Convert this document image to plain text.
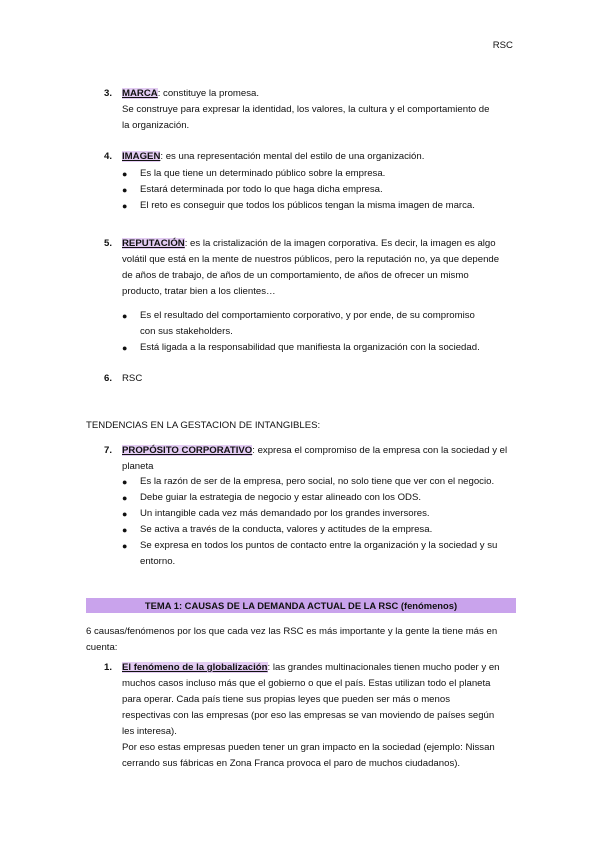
RSC
3. MARCA: constituye la promesa.
Se construye para expresar la identidad, los valores, la cultura y el comportamiento de
la organización.
4. IMAGEN: es una representación mental del estilo de una organización.
● Es la que tiene un determinado público sobre la empresa.
● Estará determinada por todo lo que haga dicha empresa.
● El reto es conseguir que todos los públicos tengan la misma imagen de marca.
5. REPUTACIÓN: es la cristalización de la imagen corporativa. Es decir, la imagen es algo
volátil que está en la mente de nuestros públicos, pero la reputación no, ya que depende
de años de trabajo, de años de un comportamiento, de años de ofrecer un mismo
producto, tratar bien a los clientes…
● Es el resultado del comportamiento corporativo, y por ende, de su compromiso
con sus stakeholders.
● Está ligada a la responsabilidad que manifiesta la organización con la sociedad.
6. RSC
TENDENCIAS EN LA GESTACION DE INTANGIBLES:
7. PROPÓSITO CORPORATIVO: expresa el compromiso de la empresa con la sociedad y el
planeta
● Es la razón de ser de la empresa, pero social, no solo tiene que ver con el negocio.
● Debe guiar la estrategia de negocio y estar alineado con los ODS.
● Un intangible cada vez más demandado por los grandes inversores.
● Se activa a través de la conducta, valores y actitudes de la empresa.
● Se expresa en todos los puntos de contacto entre la organización y la sociedad y su
entorno.
TEMA 1: CAUSAS DE LA DEMANDA ACTUAL DE LA RSC (fenómenos)
6 causas/fenómenos por los que cada vez las RSC es más importante y la gente la tiene más en
cuenta:
1. El fenómeno de la globalización: las grandes multinacionales tienen mucho poder y en
muchos casos incluso más que el gobierno o que el país. Estas utilizan todo el planeta
para operar. Cada país tiene sus propias leyes que pueden ser más o menos
respectivas con las empresas (por eso las empresas se van moviendo de países según
les interesa).
Por eso estas empresas pueden tener un gran impacto en la sociedad (ejemplo: Nissan
cerrando sus fábricas en Zona Franca provoca el paro de muchos ciudadanos).
